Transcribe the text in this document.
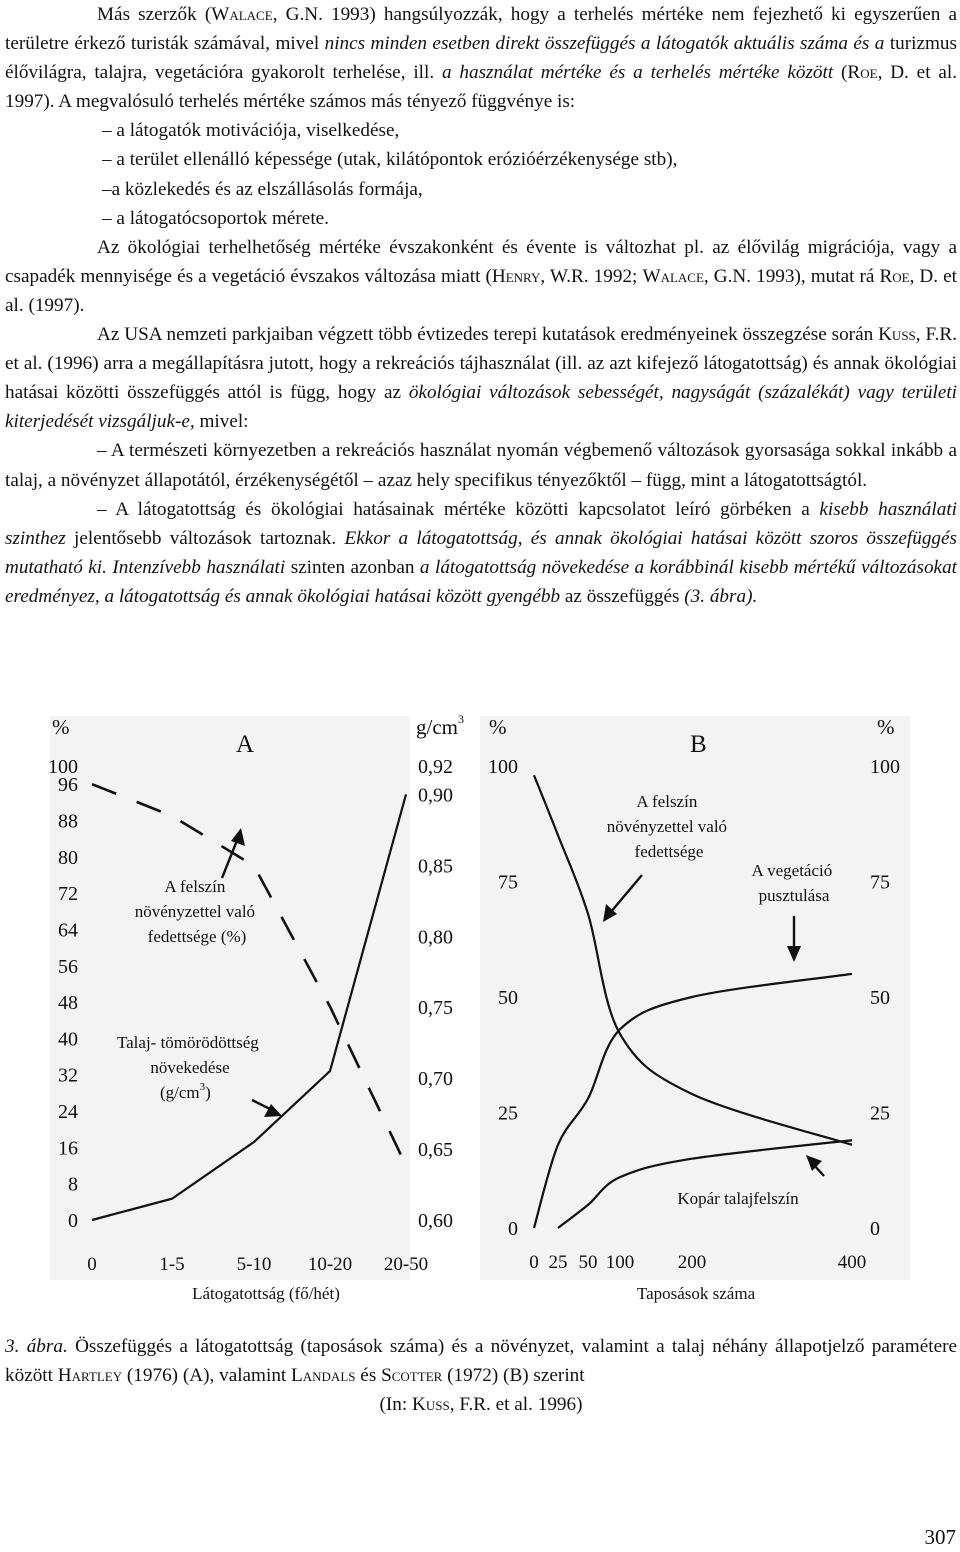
Más szerzők (Walace, G.N. 1993) hangsúlyozzák, hogy a terhelés mértéke nem fejezhető ki egyszerűen a területre érkező turisták számával, mivel nincs minden esetben direkt összefüggés a látogatók aktuális száma és a turizmus élővilágra, talajra, vegetációra gyakorolt terhelése, ill. a használat mértéke és a terhelés mértéke között (Roe, D. et al. 1997). A megvalósuló terhelés mértéke számos más tényező függvénye is:

– a látogatók motivációja, viselkedése,

– a terület ellenálló képessége (utak, kilátópontok erózióérzékenysége stb),

–a közlekedés és az elszállásolás formája,

– a látogatócsoportok mérete.

Az ökológiai terhelhetőség mértéke évszakonként és évente is változhat pl. az élővilág migrációja, vagy a csapadék mennyisége és a vegetáció évszakos változása miatt (Henry, W.R. 1992; Walace, G.N. 1993), mutat rá Roe, D. et al. (1997).

Az USA nemzeti parkjaiban végzett több évtizedes terepi kutatások eredményeinek összegzése során Kuss, F.R. et al. (1996) arra a megállapításra jutott, hogy a rekreációs tájhasználat (ill. az azt kifejező látogatottság) és annak ökológiai hatásai közötti összefüggés attól is függ, hogy az ökológiai változások sebességét, nagyságát (százalékát) vagy területi kiterjedését vizsgáljuk-e, mivel:

– A természeti környezetben a rekreációs használat nyomán végbemenő változások gyorsasága sokkal inkább a talaj, a növényzet állapotától, érzékenységétől – azaz hely specifikus tényezőktől – függ, mint a látogatottságtól.

– A látogatottság és ökológiai hatásainak mértéke közötti kapcsolatot leíró görbéken a kisebb használati szinthez jelentősebb változások tartoznak. Ekkor a látogatottság, és annak ökológiai hatásai között szoros összefüggés mutatható ki. Intenzívebb használati szinten azonban a látogatottság növekedése a korábbinál kisebb mértékű változásokat eredményez, a látogatottság és annak ökológiai hatásai között gyengébb az összefüggés (3. ábra).

%
A
$g/cm^3$
100
96
88
80
72
64
56
48
40
32
24
16
8
0
0,92
0,90
0,85
0,80
0,75
0,70
0,65
0,60
0	1-5	5-10 10-20 20-50
A felszín növényzettel való fedettsége (%)
Talaj- tömörödöttség növekedése
$(g/cm^3)$
Látogatottság (fő/hét)
%
B
%
100
75
50
25
0
100
75
50
25
0
0 25 50 100 200	400
A felszín növényzettel való fedettsége
A vegetáció pusztulása
Kopár talajfelszín
Taposások száma

3. ábra. Összefüggés a látogatottság (taposások száma) és a növényzet, valamint a talaj néhány állapotjelző paramétere között Hartley (1976) (A), valamint Landals és Scotter (1972) (B) szerint

(In: Kuss, F.R. et al. 1996)

307
